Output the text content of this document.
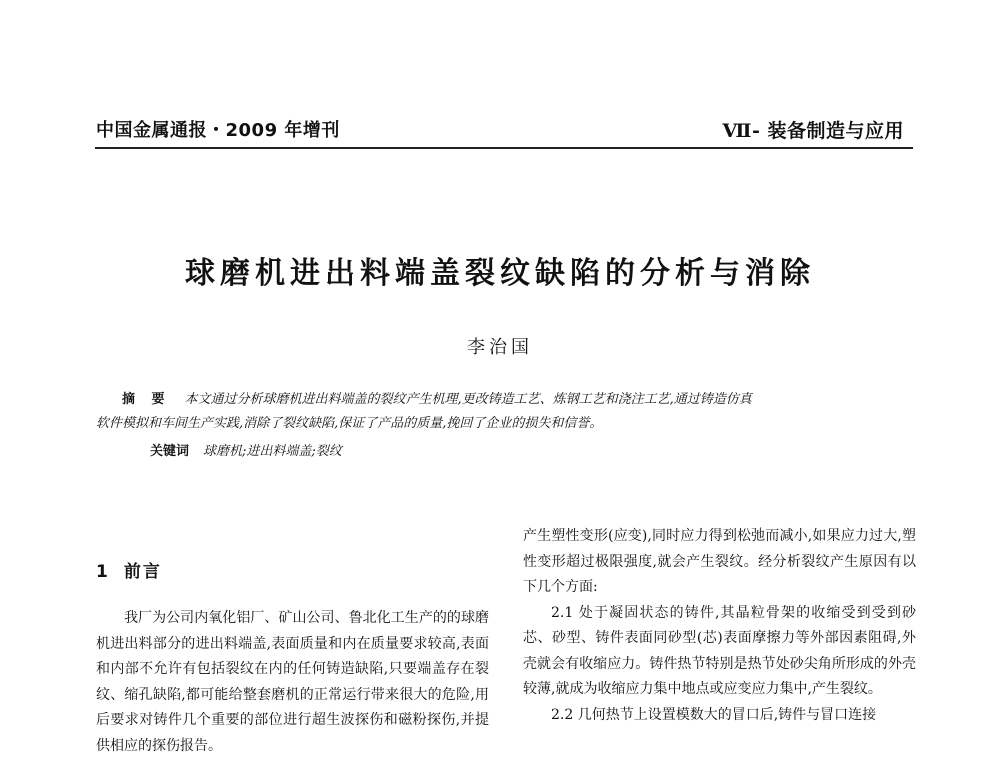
中国金属通报・2009 年增刊	Ⅶ- 装备制造与应用
球磨机进出料端盖裂纹缺陷的分析与消除
李治国
摘 要 本文通过分析球磨机进出料端盖的裂纹产生机理,更改铸造工艺、炼钢工艺和浇注工艺,通过铸造仿真
软件模拟和车间生产实践,消除了裂纹缺陷,保证了产品的质量,挽回了企业的损失和信誉。
关键词 球磨机;进出料端盖;裂纹
1 前言

我厂为公司内氧化铝厂、矿山公司、鲁北化工生产的的球磨机进出料部分的进出料端盖,表面质量和内在质量要求较高,表面和内部不允许有包括裂纹在内的任何铸造缺陷,只要端盖存在裂纹、缩孔缺陷,都可能给整套磨机的正常运行带来很大的危险,用后要求对铸件几个重要的部位进行超生波探伤和磁粉探伤,并提供相应的探伤报告。

产生塑性变形(应变),同时应力得到松弛而减小,如果应力过大,塑性变形超过极限强度,就会产生裂纹。经分析裂纹产生原因有以下几个方面:

2.1 处于凝固状态的铸件,其晶粒骨架的收缩受到受到砂芯、砂型、铸件表面同砂型(芯)表面摩擦力等外部因素阻碍,外壳就会有收缩应力。铸件热节特别是热节处砂尖角所形成的外壳较薄,就成为收缩应力集中地点或应变应力集中,产生裂纹。

2.2 几何热节上设置模数大的冒口后,铸件与冒口连接
